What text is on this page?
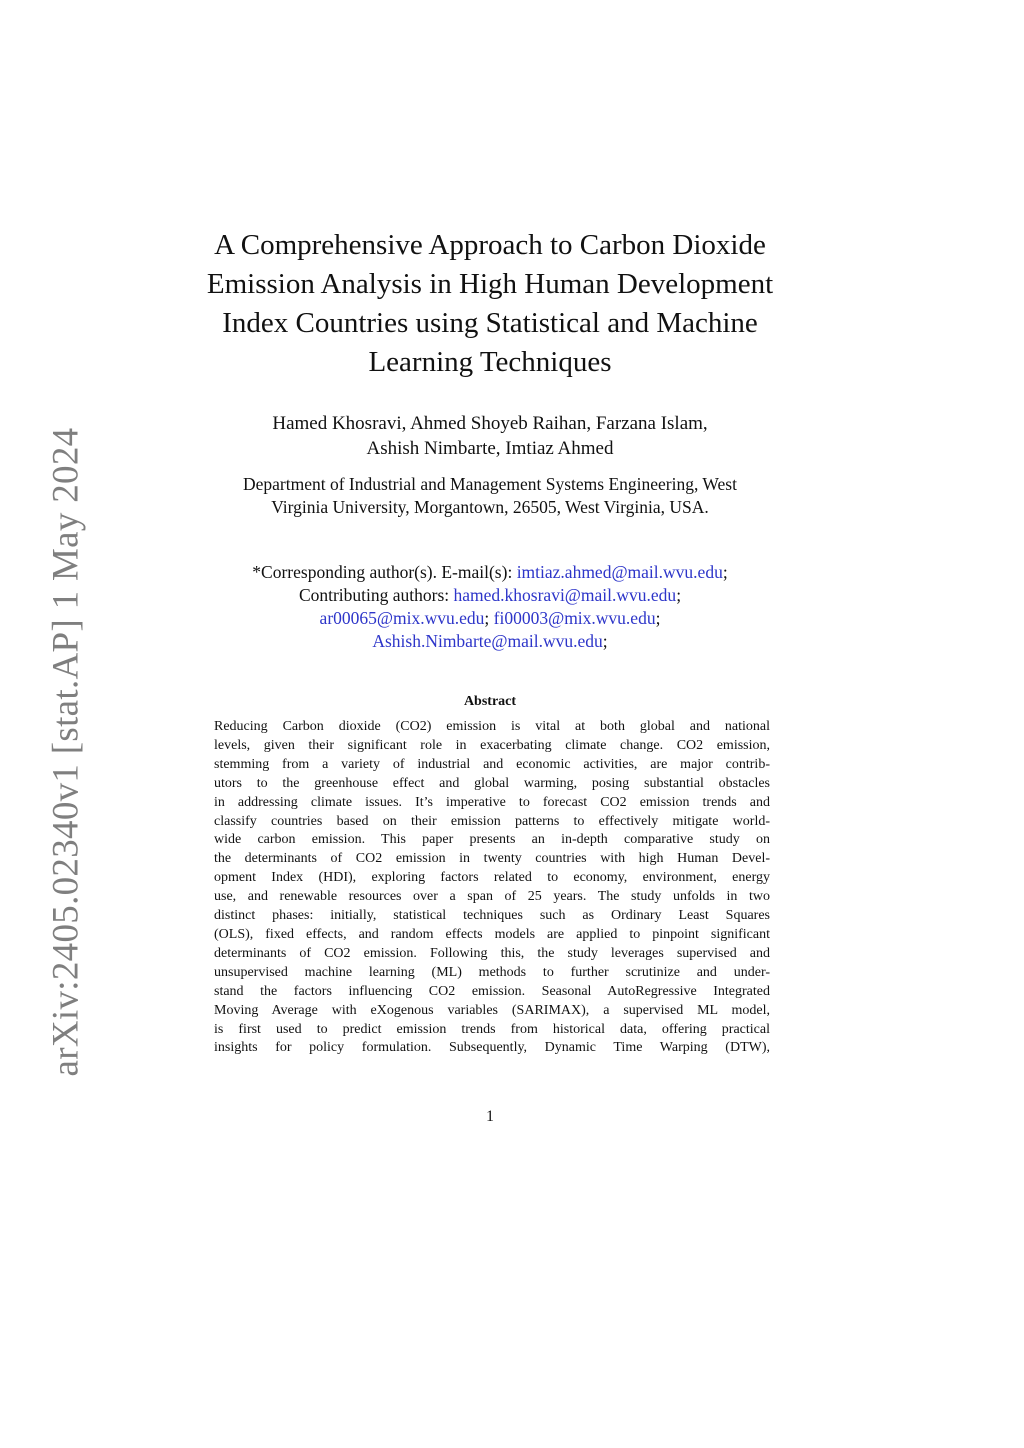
arXiv:2405.02340v1 [stat.AP] 1 May 2024
A Comprehensive Approach to Carbon Dioxide
Emission Analysis in High Human Development
Index Countries using Statistical and Machine
Learning Techniques
Hamed Khosravi, Ahmed Shoyeb Raihan, Farzana Islam,
Ashish Nimbarte, Imtiaz Ahmed
Department of Industrial and Management Systems Engineering, West
Virginia University, Morgantown, 26505, West Virginia, USA.
*Corresponding author(s). E-mail(s): imtiaz.ahmed@mail.wvu.edu;
Contributing authors: hamed.khosravi@mail.wvu.edu;
ar00065@mix.wvu.edu; fi00003@mix.wvu.edu;
Ashish.Nimbarte@mail.wvu.edu;
Abstract
Reducing Carbon dioxide (CO2) emission is vital at both global and national
levels, given their significant role in exacerbating climate change. CO2 emission,
stemming from a variety of industrial and economic activities, are major contrib-
utors to the greenhouse effect and global warming, posing substantial obstacles
in addressing climate issues. It’s imperative to forecast CO2 emission trends and
classify countries based on their emission patterns to effectively mitigate world-
wide carbon emission. This paper presents an in-depth comparative study on
the determinants of CO2 emission in twenty countries with high Human Devel-
opment Index (HDI), exploring factors related to economy, environment, energy
use, and renewable resources over a span of 25 years. The study unfolds in two
distinct phases: initially, statistical techniques such as Ordinary Least Squares
(OLS), fixed effects, and random effects models are applied to pinpoint significant
determinants of CO2 emission. Following this, the study leverages supervised and
unsupervised machine learning (ML) methods to further scrutinize and under-
stand the factors influencing CO2 emission. Seasonal AutoRegressive Integrated
Moving Average with eXogenous variables (SARIMAX), a supervised ML model,
is first used to predict emission trends from historical data, offering practical
insights for policy formulation. Subsequently, Dynamic Time Warping (DTW),
1
